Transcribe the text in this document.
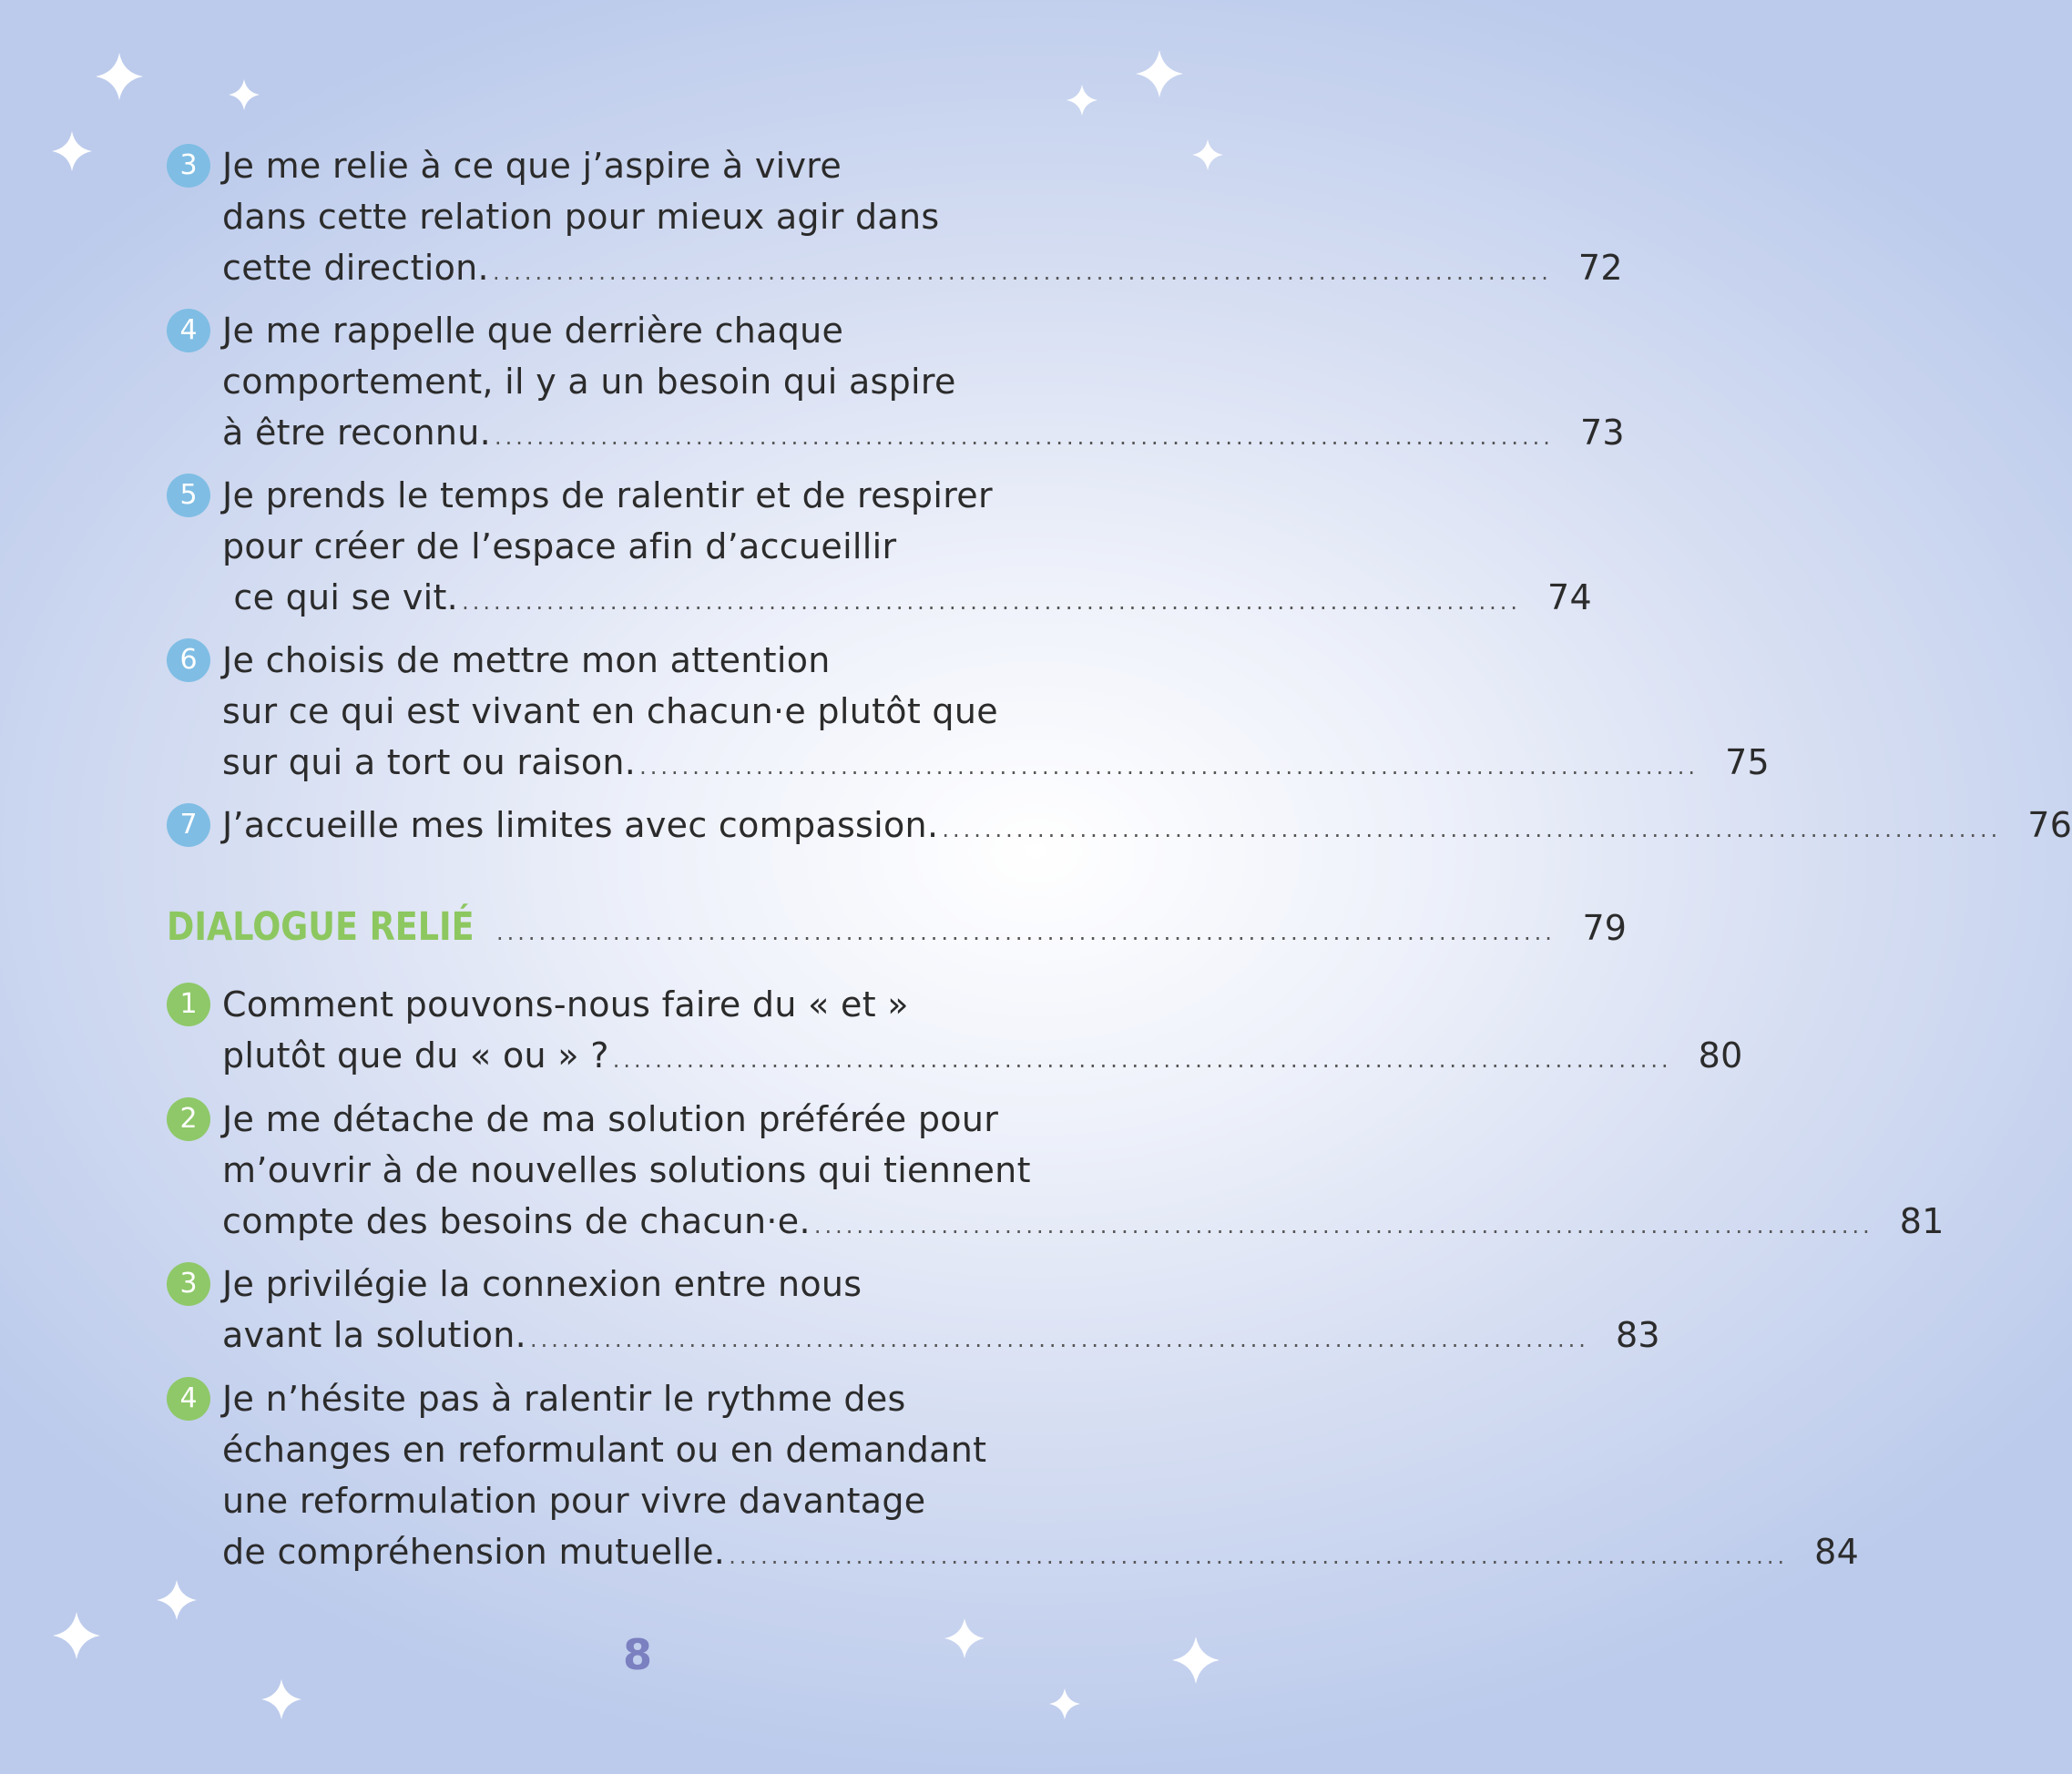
3 Je me relie à ce que j’aspire à vivre
dans cette relation pour mieux agir dans
cette direction. .................................................................................................... 72
4 Je me rappelle que derrière chaque
comportement, il y a un besoin qui aspire
à être reconnu. .................................................................................................... 73
5 Je prends le temps de ralentir et de respirer
pour créer de l’espace afin d’accueillir
ce qui se vit. .................................................................................................... 74
6 Je choisis de mettre mon attention
sur ce qui est vivant en chacun·e plutôt que
sur qui a tort ou raison. .................................................................................................... 75
7 J’accueille mes limites avec compassion. .................................................................................................... 76
DIALOGUE RELIÉ .................................................................................................... 79
1 Comment pouvons-nous faire du « et »
plutôt que du « ou » ? .................................................................................................... 80
2 Je me détache de ma solution préférée pour
m’ouvrir à de nouvelles solutions qui tiennent
compte des besoins de chacun·e. .................................................................................................... 81
3 Je privilégie la connexion entre nous
avant la solution. .................................................................................................... 83
4 Je n’hésite pas à ralentir le rythme des
échanges en reformulant ou en demandant
une reformulation pour vivre davantage
de compréhension mutuelle. .................................................................................................... 84
8
